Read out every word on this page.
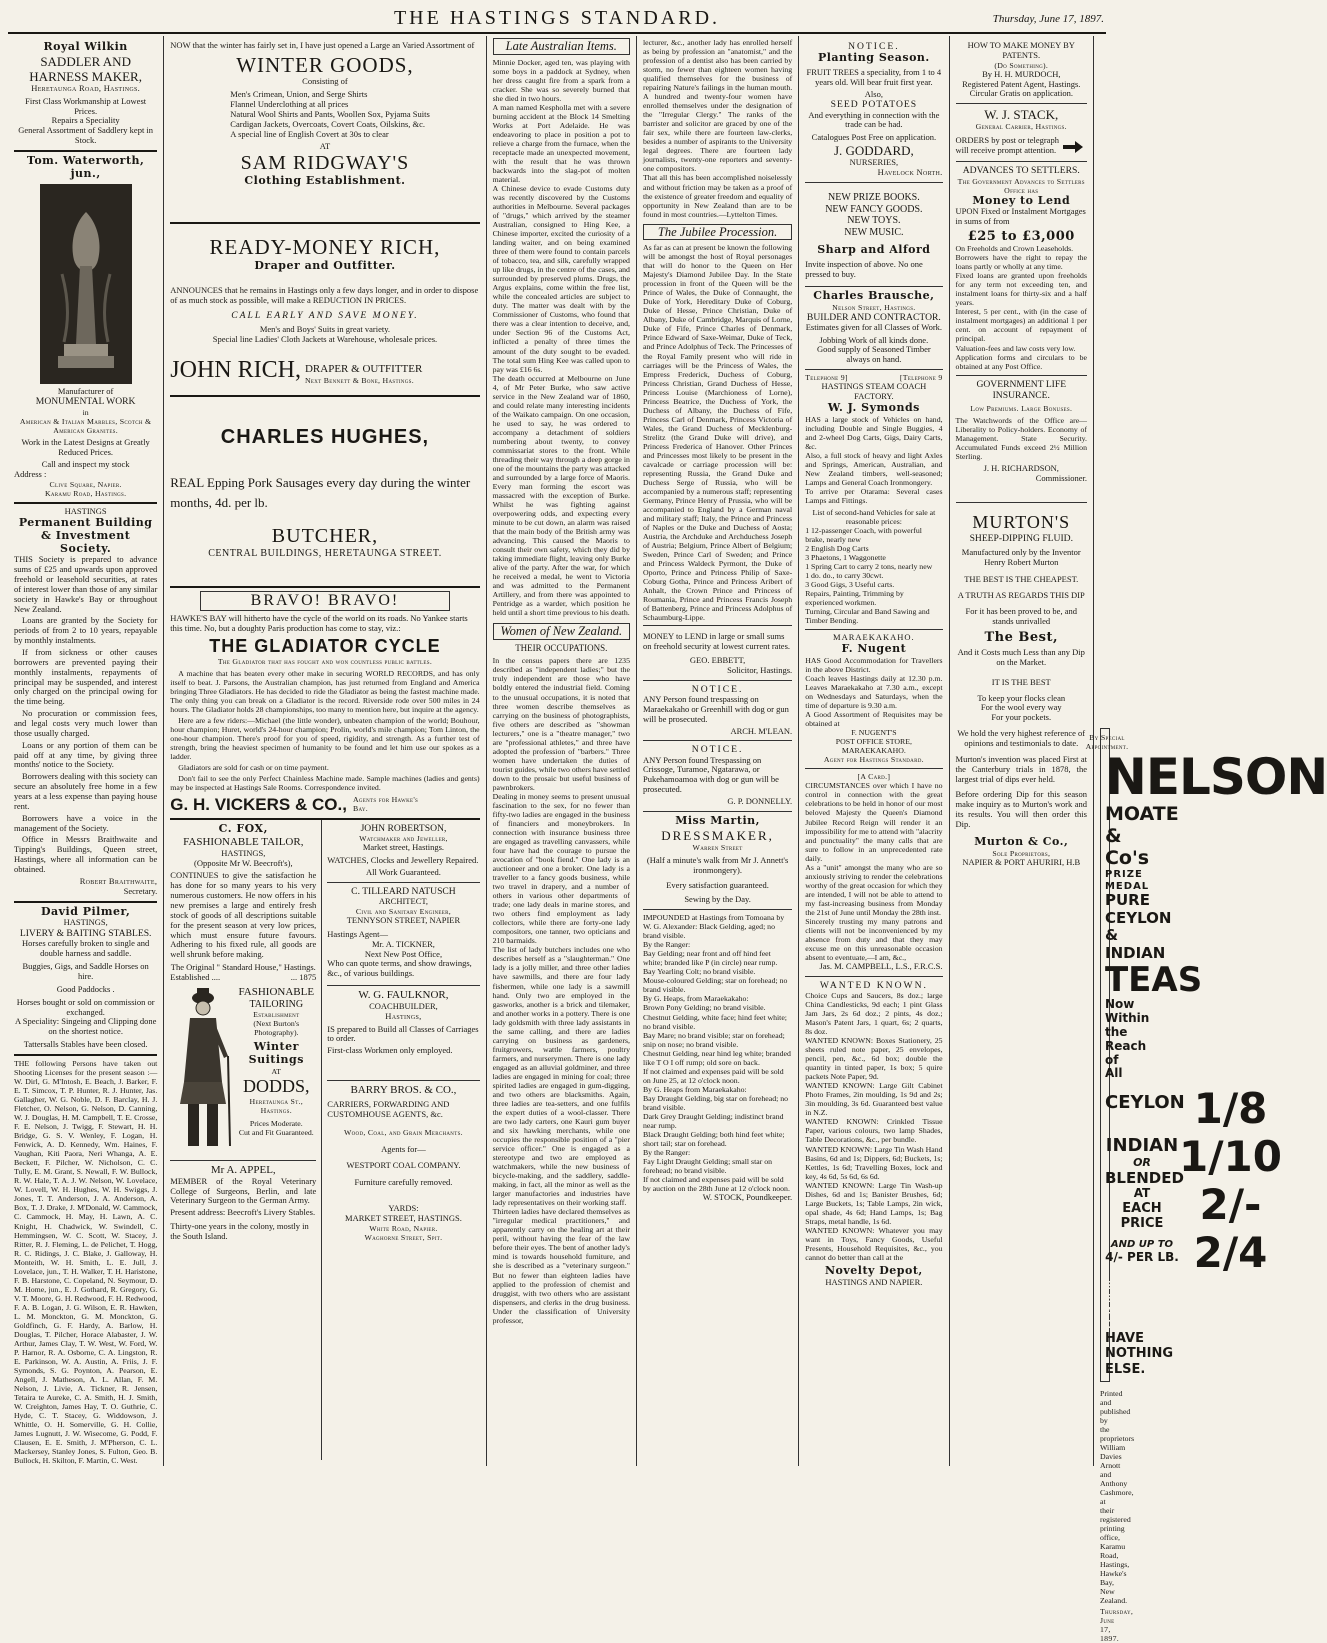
THE HASTINGS STANDARD.	Thursday, June 17, 1897.
Royal Wilkin
SADDLER AND HARNESS MAKER,
Heretaunga Road, Hastings.
First Class Workmanship at Lowest Prices.
Repairs a Speciality
General Assortment of Saddlery kept in Stock.
Tom. Waterworth, jun.,
Manufacturer of
MONUMENTAL WORK
in
American & Italian Marbles, Scotch & American Granites.
Work in the Latest Designs at Greatly Reduced Prices.
Call and inspect my stock
Address :
Clive Square, Napier.
Karamu Road, Hastings.
HASTINGS
Permanent Building & Investment Society.

THIS Society is prepared to advance sums of £25 and upwards upon approved freehold or leasehold securities, at rates of interest lower than those of any similar society in Hawke's Bay or throughout New Zealand.

Loans are granted by the Society for periods of from 2 to 10 years, repayable by monthly instalments.

If from sickness or other causes borrowers are prevented paying their monthly instalments, repayments of principal may be suspended, and interest only charged on the principal owing for the time being.

No procuration or commission fees, and legal costs very much lower than those usually charged.

Loans or any portion of them can be paid off at any time, by giving three months' notice to the Society.

Borrowers dealing with this society can secure an absolutely free home in a few years at a less expense than paying house rent.

Borrowers have a voice in the management of the Society.

Office in Messrs Braithwaite and Tipping's Buildings, Queen street, Hastings, where all information can be obtained.

Robert Braithwaite,
Secretary.
David Pilmer,
HASTINGS,
LIVERY & BAITING STABLES.
Horses carefully broken to single and double harness and saddle.
Buggies, Gigs, and Saddle Horses on hire.
Good Paddocks .
Horses bought or sold on commission or exchanged.
A Speciality: Singeing and Clipping done on the shortest notice.
Tattersalls Stables have been closed.

THE following Persons have taken out Shooting Licenses for the present season :—W. Dirl, G. M'Intosh, E. Beach, J. Barker, F. E. T. Simcox, T. P. Hunter, R. J. Hunter, Jas. Gallagher, W. G. Noble, D. F. Barclay, H. J. Fletcher, O. Nelson, G. Nelson, D. Canning, W. J. Douglas, H. M. Campbell, T. E. Crosse, F. E. Nelson, J. Twigg, F. Stewart, H. H. Bridge, G. S. V. Wenley, F. Logan, H. Fenwick, A. D. Kennedy, Wm. Haines, F. Vaughan, Kiti Paora, Neri Whanga, A. E. Beckett, F. Pilcher, W. Nicholson, C. C. Tully, E. M. Grant, S. Newall, F. W. Bullock, R. W. Hale, T. A. J. W. Nelson, W. Lovelace, W. Lovell, W. H. Hughes, W. H. Swiggs, J. Jones, T. T. Anderson, J. A. Anderson, A. Box, T. J. Drake, J. M'Donald, W. Cammock, C. Cammock, H. May, H. Lawn, A. C. Knight, H. Chadwick, W. Swindell, C. Hemmingsen, W. C. Scott, W. Stacey, J. Ritter, R. J. Fleming, L. de Pelichet, T. Hogg, R. C. Ridings, J. C. Blake, J. Galloway, H. Monteith, W. H. Smith, L. E. Jull, J. Lovelace, jun., T. H. Walker, T. H. Haristone, F. B. Harstone, C. Copeland, N. Seymour, D. M. Home, jun., E. J. Gothard, R. Gregory, G. V. T. Moore, G. H. Redwood, F. H. Redwood, F. A. B. Logan, J. G. Wilson, E. R. Hawken, L. M. Monckton, G. M. Monckton, G. Goldfinch, G. F. Hardy, A. Barlow, H. Douglas, T. Pilcher, Horace Alabaster, J. W. Arthur, James Clay, T. W. West, W. Ford, W. P. Harnor, R. A. Osborne, C. A. Lingston, R. E. Parkinson, W. A. Austin, A. Friis, J. F. Symonds, S. G. Poynton, A. Pearson, E. Angell, J. Matheson, A. L. Allan, F. M. Nelson, J. Livie, A. Tickner, R. Jensen, Tetaira te Aureke, C. A. Smith, H. J. Smith, W. Creighton, James Hay, T. O. Guthrie, C. Hyde, C. T. Stacey, G. Widdowson, J. Whittle, O. H. Somerville, G. H. Collie, James Lugnutt, J. W. Wisecome, G. Podd, F. Clausen, E. E. Smith, J. M'Pherson, C. L. Mackersey, Stanley Jones, S. Fulton, Geo. B. Bullock, H. Skilton, F. Martin, C. West.

NOW that the winter has fairly set in, I have just opened a Large an Varied Assortment of

WINTER GOODS,
Consisting of
Men's Crimean, Union, and Serge Shirts
Flannel Underclothing at all prices
Natural Wool Shirts and Pants, Woollen Sox, Pyjama Suits
Cardigan Jackets, Overcoats, Covert Coats, Oilskins, &c.
A special line of English Covert at 30s to clear
AT
SAM RIDGWAY'S
Clothing Establishment.
READY-MONEY RICH,
Draper and Outfitter.

ANNOUNCES that he remains in Hastings only a few days longer, and in order to dispose of as much stock as possible, will make a REDUCTION IN PRICES.

CALL EARLY AND SAVE MONEY.
Men's and Boys' Suits in great variety.
Special line Ladies' Cloth Jackets at Warehouse, wholesale prices.
JOHN RICH, DRAPER & OUTFITTER
Next Bennett & Bone, Hastings.
CHARLES HUGHES,

REAL Epping Pork Sausages every day during the winter months, 4d. per lb.

BUTCHER,
CENTRAL BUILDINGS, HERETAUNGA STREET.
BRAVO! BRAVO!

HAWKE'S BAY will hitherto have the cycle of the world on its roads. No Yankee starts this time. No, but a doughty Paris production has come to stay, viz.:

THE GLADIATOR CYCLE
The Gladiator that has fought and won countless public battles.

A machine that has beaten every other make in securing WORLD RECORDS, and has only itself to beat. J. Parsons, the Australian champion, has just returned from England and America bringing Three Gladiators. He has decided to ride the Gladiator as being the fastest machine made. The only thing you can break on a Gladiator is the record. Riverside rode over 500 miles in 24 hours. The Gladiator holds 28 championships, too many to mention here, but inquire at the agency.

Here are a few riders:—Michael (the little wonder), unbeaten champion of the world; Bouhour, hour champion; Huret, world's 24-hour champion; Prolin, world's mile champion; Tom Linton, the one-hour champion. There's proof for you of speed, rigidity, and strength. As a further test of strength, bring the heaviest specimen of humanity to be found and let him use our spokes as a ladder.

Gladiators are sold for cash or on time payment.

Don't fail to see the only Perfect Chainless Machine made. Sample machines (ladies and gents) may be inspected at Hastings Sale Rooms. Correspondence invited.

G. H. VICKERS & CO., Agents for Hawke's Bay.
C. FOX,
FASHIONABLE TAILOR,
HASTINGS,
(Opposite Mr W. Beecroft's),

CONTINUES to give the satisfaction he has done for so many years to his very numerous customers. He now offers in his new premises a large and entirely fresh stock of goods of all descriptions suitable for the present season at very low prices, which must ensure future favours. Adhering to his fixed rule, all goods are well shrunk before making.

The Original " Standard House," Hastings.
Established ....	... 1875
FASHIONABLE
TAILORING
Establishment
(Next Burton's Photography).
Winter
Suitings
AT
DODDS,
Heretaunga St., Hastings.
Prices Moderate.
Cut and Fit Guaranteed.
Mr A. APPEL,

MEMBER of the Royal Veterinary College of Surgeons, Berlin, and late Veterinary Surgeon to the German Army.

Present address: Beecroft's Livery Stables.

Thirty-one years in the colony, mostly in the South Island.

JOHN ROBERTSON,
Watchmaker and Jeweller,
Market street, Hastings.

WATCHES, Clocks and Jewellery Repaired.

All Work Guaranteed.
C. TILLEARD NATUSCH
ARCHITECT,
Civil and Sanitary Engineer,
TENNYSON STREET, NAPIER
Hastings Agent—
Mr. A. TICKNER,
Next New Post Office,

Who can quote terms, and show drawings, &c., of various buildings.

W. G. FAULKNOR,
COACHBUILDER,
Hastings,

IS prepared to Build all Classes of Carriages to order.

First-class Workmen only employed.

BARRY BROS. & CO.,

CARRIERS, FORWARDING AND CUSTOMHOUSE AGENTS, &c.

Wood, Coal, and Grain Merchants.
Agents for—
WESTPORT COAL COMPANY.
Furniture carefully removed.
YARDS:
MARKET STREET, HASTINGS.
White Road, Napier.
Waghorne Street, Spit.
Late Australian Items.
Minnie Docker, aged ten, was playing with some boys in a paddock at Sydney, when her dress caught fire from a spark from a cracker. She was so severely burned that she died in two hours.
A man named Kespholla met with a severe burning accident at the Block 14 Smelting Works at Port Adelaide. He was endeavoring to place in position a pot to relieve a charge from the furnace, when the receptacle made an unexpected movement, with the result that he was thrown backwards into the slag-pot of molten material.
A Chinese device to evade Customs duty was recently discovered by the Customs authorities in Melbourne. Several packages of "drugs," which arrived by the steamer Australian, consigned to Hing Kee, a Chinese importer, excited the curiosity of a landing waiter, and on being examined three of them were found to contain parcels of tobacco, tea, and silk, carefully wrapped up like drugs, in the centre of the cases, and surrounded by preserved plums. Drugs, the Argus explains, come within the free list, while the concealed articles are subject to duty. The matter was dealt with by the Commissioner of Customs, who found that there was a clear intention to deceive, and, under Section 96 of the Customs Act, inflicted a penalty of three times the amount of the duty sought to be evaded. The total sum Hing Kee was called upon to pay was £16 6s.
The death occurred at Melbourne on June 4, of Mr Peter Burke, who saw active service in the New Zealand war of 1860, and could relate many interesting incidents of the Waikato campaign. On one occasion, he used to say, he was ordered to accompany a detachment of soldiers numbering about twenty, to convey commissariat stores to the front. While threading their way through a deep gorge in one of the mountains the party was attacked and surrounded by a large force of Maoris. Every man forming the escort was massacred with the exception of Burke. Whilst he was fighting against overpowering odds, and expecting every minute to be cut down, an alarm was raised that the main body of the British army was advancing. This caused the Maoris to consult their own safety, which they did by taking immediate flight, leaving only Burke alive of the party. After the war, for which he received a medal, he went to Victoria and was admitted to the Permanent Artillery, and from there was appointed to Pentridge as a warder, which position he held until a short time previous to his death.
Women of New Zealand.
THEIR OCCUPATIONS.
In the census papers there are 1235 described as "independent ladies;" but the truly independent are those who have boldly entered the industrial field. Coming to the unusual occupations, it is noted that three women describe themselves as carrying on the business of photographists, five others are described as "showman lecturers," one is a "theatre manager," two are "professional athletes," and three have adopted the profession of "barbers." Three women have undertaken the duties of tourist guides, while two others have settled down to the prosaic but useful business of pawnbrokers.
Dealing in money seems to present unusual fascination to the sex, for no fewer than fifty-two ladies are engaged in the business of financiers and moneybrokers. In connection with insurance business three are engaged as travelling canvassers, while four have had the courage to pursue the avocation of "book fiend." One lady is an auctioneer and one a broker. One lady is a traveller to a fancy goods business, while two travel in drapery, and a number of others in various other departments of trade; one lady deals in marine stores, and two others find employment as lady collectors, while there are forty-one lady compositors, one tanner, two opticians and 210 barmaids.
The list of lady butchers includes one who describes herself as a "slaughterman." One lady is a jolly miller, and three other ladies have sawmills, and there are four lady fishermen, while one lady is a sawmill hand. Only two are employed in the gasworks, another is a brick and tilemaker, and another works in a pottery. There is one lady goldsmith with three lady assistants in the same calling, and there are ladies carrying on business as gardeners, fruitgrowers, wattle farmers, poultry farmers, and nurserymen. There is one lady engaged as an alluvial goldminer, and three ladies are engaged in mining for coal; three spirited ladies are engaged in gum-digging, and two others are blacksmiths. Again, three ladies are tea-setters, and one fulfils the expert duties of a wool-classer. There are two lady carters, one Kauri gum buyer and six hawking merchants, while one occupies the responsible position of a "pier service officer." One is engaged as a stereotype and two are employed as watchmakers, while the new business of bicycle-making, and the saddlery, saddle-making, in fact, all the minor as well as the larger manufactories and industries have lady representatives on their working staff.
Thirteen ladies have declared themselves as "irregular medical practitioners," and apparently carry on the healing art at their peril, without having the fear of the law before their eyes. The bent of another lady's mind is towards household furniture, and she is described as a "veterinary surgeon." But no fewer than eighteen ladies have applied to the profession of chemist and druggist, with two others who are assistant dispensers, and clerks in the drug business. Under the classification of University professor,
lecturer, &c., another lady has enrolled herself as being by profession an "anatomist," and the profession of a dentist also has been carried by storm, no fewer than eighteen women having qualified themselves for the business of repairing Nature's failings in the human mouth. A hundred and twenty-four women have enrolled themselves under the designation of the "Irregular Clergy." The ranks of the barrister and solicitor are graced by one of the fair sex, while there are fourteen law-clerks, besides a number of aspirants to the University legal degrees. There are fourteen lady journalists, twenty-one reporters and seventy-one compositors.
That all this has been accomplished noiselessly and without friction may be taken as a proof of the existence of greater freedom and equality of opportunity in New Zealand than are to be found in most countries.—Lyttelton Times.
The Jubilee Procession.
As far as can at present be known the following will be amongst the host of Royal personages that will do honor to the Queen on Her Majesty's Diamond Jubilee Day. In the State procession in front of the Queen will be the Prince of Wales, the Duke of Connaught, the Duke of York, Hereditary Duke of Coburg, Duke of Hesse, Prince Christian, Duke of Albany, Duke of Cambridge, Marquis of Lorne, Duke of Fife, Prince Charles of Denmark, Prince Edward of Saxe-Weimar, Duke of Teck, and Prince Adolphus of Teck. The Princesses of the Royal Family present who will ride in carriages will be the Princess of Wales, the Empress Frederick, Duchess of Coburg, Princess Christian, Grand Duchess of Hesse, Princess Louise (Marchioness of Lorne), Princess Beatrice, the Duchess of York, the Duchess of Albany, the Duchess of Fife, Princess Carl of Denmark, Princess Victoria of Wales, the Grand Duchess of Mecklenburg-Strelitz (the Grand Duke will drive), and Princess Frederica of Hanover. Other Princes and Princesses most likely to be present in the cavalcade or carriage procession will be: representing Russia, the Grand Duke and Duchess Serge of Russia, who will be accompanied by a numerous staff; representing Germany, Prince Henry of Prussia, who will be accompanied to England by a German naval and military staff; Italy, the Prince and Princess of Naples or the Duke and Duchess of Aosta; Austria, the Archduke and Archduchess Joseph of Austria; Belgium, Prince Albert of Belgium; Sweden, Prince Carl of Sweden; and Prince and Princess Waldeck Pyrmont, the Duke of Oporto, Prince and Princess Philip of Saxe-Coburg Gotha, Prince and Princess Aribert of Anhalt, the Crown Prince and Princess of Roumania, Prince and Princess Francis Joseph of Battenberg, Prince and Princess Adolphus of Schaumburg-Lippe.

MONEY to LEND in large or small sums on freehold security at lowest current rates.

GEO. EBBETT,
Solicitor, Hastings.
NOTICE.

ANY Person found trespassing on Maraekakaho or Greenhill with dog or gun will be prosecuted.

ARCH. M'LEAN.
NOTICE.

ANY Person found Trespassing on Crissoge, Turamoe, Ngatarawa, or Pukehamoamoa with dog or gun will be prosecuted.

G. P. DONNELLY.
Miss Martin,
DRESSMAKER,
Warren Street

(Half a minute's walk from Mr J. Annett's ironmongery).

Every satisfaction guaranteed.
Sewing by the Day.
IMPOUNDED at Hastings from Tomoana by W. G. Alexander: Black Gelding, aged; no brand visible.
By the Ranger:
Bay Gelding; near front and off hind feet white; branded like P (in circle) near rump.
Bay Yearling Colt; no brand visible.
Mouse-coloured Gelding; star on forehead; no brand visible.
By G. Heaps, from Maraekakaho:
Brown Pony Gelding; no brand visible.
Chestnut Gelding, white face; hind feet white; no brand visible.
Bay Mare; no brand visible; star on forehead; snip on nose; no brand visible.
Chestnut Gelding, near hind leg white; branded like T O I off rump; old sore on back.
If not claimed and expenses paid will be sold on June 25, at 12 o'clock noon.
By G. Heaps from Maraekakaho:
Bay Draught Gelding, big star on forehead; no brand visible.
Dark Grey Draught Gelding; indistinct brand near rump.
Black Draught Gelding; both hind feet white; short tail; star on forehead.
By the Ranger:
Fay Light Draught Gelding; small star on forehead; no brand visible.
If not claimed and expenses paid will be sold by auction on the 28th June at 12 o'clock noon.
W. STOCK, Poundkeeper.
NOTICE.
Planting Season.

FRUIT TREES a speciality, from 1 to 4 years old. Will bear fruit first year.

Also,
SEED POTATOES

And everything in connection with the trade can be had.

Catalogues Post Free on application.
J. GODDARD,
NURSERIES,
Havelock North.
NEW PRIZE BOOKS.
NEW FANCY GOODS.
NEW TOYS.
NEW MUSIC.
Sharp and Alford

Invite inspection of above. No one pressed to buy.

Charles Brausche,
Nelson Street, Hastings.
BUILDER AND CONTRACTOR.
Estimates given for all Classes of Work.
Jobbing Work of all kinds done.
Good supply of Seasoned Timber always on hand.
Telephone 9]	[Telephone 9
HASTINGS STEAM COACH FACTORY.
W. J. Symonds
HAS a large stock of Vehicles on hand, including Double and Single Buggies, 4 and 2-wheel Dog Carts, Gigs, Dairy Carts, &c.
Also, a full stock of heavy and light Axles and Springs, American, Australian, and New Zealand timbers, well-seasoned; Lamps and General Coach Ironmongery.
To arrive per Otarama: Several cases Lamps and Fittings.
List of second-hand Vehicles for sale at reasonable prices:
1 12-passenger Coach, with powerful brake, nearly new
2 English Dog Carts
3 Phaetons, 1 Waggonette
1 Spring Cart to carry 2 tons, nearly new
1 do. do., to carry 30cwt.
3 Good Gigs, 3 Useful carts.
Repairs, Painting, Trimming by experienced workmen.
Turning, Circular and Band Sawing and Timber Bending.
MARAEKAKAHO.
F. Nugent
HAS Good Accommodation for Travellers in the above District.
Coach leaves Hastings daily at 12.30 p.m. Leaves Maraekakaho at 7.30 a.m., except on Wednesdays and Saturdays, when the time of departure is 9.30 a.m.
A Good Assortment of Requisites may be obtained at
F. NUGENT'S
POST OFFICE STORE,
MARAEKAKAHO.
Agent for Hastings Standard.
[A Card.]
CIRCUMSTANCES over which I have no control in connection with the great celebrations to be held in honor of our most beloved Majesty the Queen's Diamond Jubilee Record Reign will render it an impossibility for me to attend with "alacrity and punctuality" the many calls that are sure to follow in an unprecedented rate daily.
As a "unit" amongst the many who are so anxiously striving to render the celebrations worthy of the great occasion for which they are intended, I will not be able to attend to my fast-increasing business from Monday the 21st of June until Monday the 28th inst.
Sincerely trusting my many patrons and clients will not be inconvenienced by my absence from duty and that they may excuse me on this unreasonable occasion absent to eventuate,—I am, &c.,
Jas. M. CAMPBELL, L.S., F.R.C.S.
WANTED KNOWN.
Choice Cups and Saucers, 8s doz.; large China Candlesticks, 9d each; 1 pint Glass Jam Jars, 2s 6d doz.; 2 pints, 4s doz.; Mason's Patent Jars, 1 quart, 6s; 2 quarts, 8s doz.
WANTED KNOWN: Boxes Stationery, 25 sheets ruled note paper, 25 envelopes, pencil, pen, &c., 6d box; double the quantity in tinted paper, 1s box; 5 quire packets Note Paper, 9d.
WANTED KNOWN: Large Gilt Cabinet Photo Frames, 2in moulding, 1s 9d and 2s; 3in moulding, 3s 6d. Guaranteed best value in N.Z.
WANTED KNOWN: Crinkled Tissue Paper, various colours, two lamp Shades, Table Decorations, &c., per bundle.
WANTED KNOWN: Large Tin Wash Hand Basins, 6d and 1s; Dippers, 6d; Buckets, 1s; Kettles, 1s 6d; Travelling Boxes, lock and key, 4s 6d, 5s 6d, 6s 6d.
WANTED KNOWN: Large Tin Wash-up Dishes, 6d and 1s; Banister Brushes, 6d; Large Buckets, 1s; Table Lamps, 2in wick, opal shade, 4s 6d; Hand Lamps, 1s; Bag Straps, metal handle, 1s 6d.
WANTED KNOWN: Whatever you may want in Toys, Fancy Goods, Useful Presents, Household Requisites, &c., you cannot do better than call at the
Novelty Depot,
HASTINGS AND NAPIER.
HOW TO MAKE MONEY BY PATENTS.
(Do Something).
By H. H. MURDOCH,
Registered Patent Agent, Hastings.
Circular Gratis on application.
W. J. STACK,
General Carrier, Hastings.

ORDERS by post or telegraph will receive prompt attention.

ADVANCES TO SETTLERS.
The Government Advances to Settlers Office has
Money to Lend

UPON Fixed or Instalment Mortgages in sums of from

£25 to £3,000
On Freeholds and Crown Leaseholds.
Borrowers have the right to repay the loans partly or wholly at any time.
Fixed loans are granted upon freeholds for any term not exceeding ten, and instalment loans for thirty-six and a half years.
Interest, 5 per cent., with (in the case of instalment mortgages) an additional 1 per cent. on account of repayment of principal.
Valuation-fees and law costs very low.
Application forms and circulars to be obtained at any Post Office.
GOVERNMENT LIFE INSURANCE.
Low Premiums. Large Bonuses.

The Watchwords of the Office are—Liberality to Policy-holders. Economy of Management. State Security. Accumulated Funds exceed 2½ Million Sterling.

J. H. RICHARDSON,
Commissioner.
MURTON'S
SHEEP-DIPPING FLUID.

Manufactured only by the Inventor Henry Robert Murton

THE BEST IS THE CHEAPEST.
A TRUTH AS REGARDS THIS DIP

For it has been proved to be, and stands unrivalled

The Best,

And it Costs much Less than any Dip on the Market.

IT IS THE BEST
To keep your flocks clean
For the wool every way
For your pockets.

We hold the very highest reference of opinions and testimonials to date.

Murton's invention was placed First at the Canterbury trials in 1878, the largest trial of dips ever held.

Before ordering Dip for this season make inquiry as to Murton's work and its results. You will then order this Dip.

Murton & Co.,
Sole Proprietors,
NAPIER & PORT AHURIRI, H.B
By Special Appointment.
NELSON
MOATE & Co's
PRIZE MEDAL
PURE CEYLON & INDIAN
TEAS
Now Within the Reach of All
CEYLON
INDIAN
OR
BLENDED
AT
EACH PRICE
AND UP TO
4/- PER LB.
1/8
1/10
2/-
2/4
SOLD BY ALL GROCERS.
HAVE NOTHING ELSE.

Printed and published by the proprietors William Davies Arnott and Anthony Cashmore, at their registered printing office, Karamu Road, Hastings, Hawke's Bay, New Zealand.

Thursday, June 17, 1897.
